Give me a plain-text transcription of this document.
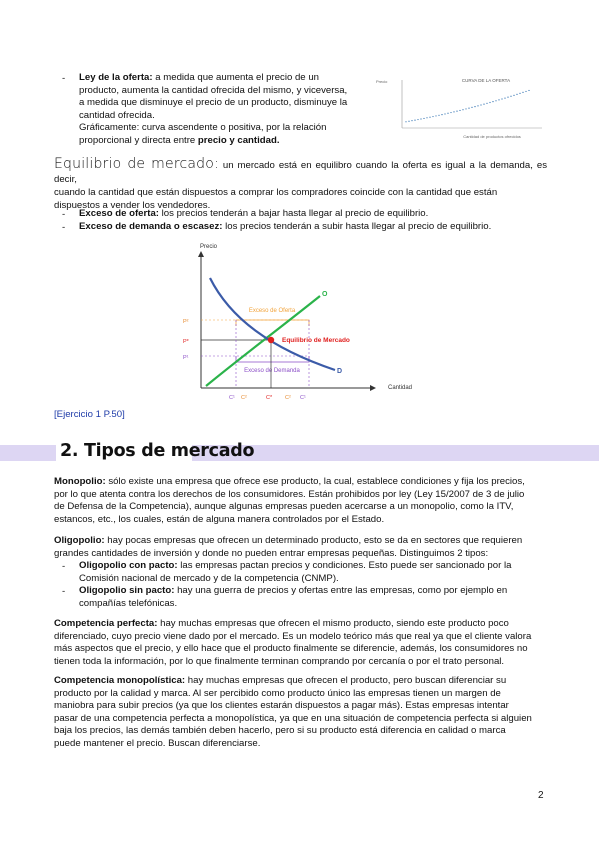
- Ley de la oferta: a medida que aumenta el precio de un
producto, aumenta la cantidad ofrecida del mismo, y viceversa,
a medida que disminuye el precio de un producto, disminuye la
cantidad ofrecida.
Gráficamente: curva ascendente o positiva, por la relación
proporcional y directa entre precio y cantidad.
CURVA DE LA OFERTA
Precio
Cantidad de productos ofrecidos
Equilibrio de mercado: un mercado está en equilibro cuando la oferta es igual a la demanda, es decir,
cuando la cantidad que están dispuestos a comprar los compradores coincide con la cantidad que están
dispuestos a vender los vendedores.
- Exceso de oferta: los precios tenderán a bajar hasta llegar al precio de equilibrio.
- Exceso de demanda o escasez: los precios tenderán a subir hasta llegar al precio de equilibrio.
Precio
Cantidad
Exceso de Oferta
Exceso de Demanda
O
D
Equilibrio de Mercado
P²
P*
P¹
C¹ C²	C* C² C¹
[Ejercicio 1 P.50]
2. Tipos de mercado
Monopolio: sólo existe una empresa que ofrece ese producto, la cual, establece condiciones y fija los precios,
por lo que atenta contra los derechos de los consumidores. Están prohibidos por ley (Ley 15/2007 de 3 de julio
de Defensa de la Competencia), aunque algunas empresas pueden acercarse a un monopolio, como la ITV,
estancos, etc., los cuales, están de alguna manera controlados por el Estado.
Oligopolio: hay pocas empresas que ofrecen un determinado producto, esto se da en sectores que requieren
grandes cantidades de inversión y donde no pueden entrar empresas pequeñas. Distinguimos 2 tipos:
- Oligopolio con pacto: las empresas pactan precios y condiciones. Esto puede ser sancionado por la
Comisión nacional de mercado y de la competencia (CNMP).
- Oligopolio sin pacto: hay una guerra de precios y ofertas entre las empresas, como por ejemplo en
compañías telefónicas.
Competencia perfecta: hay muchas empresas que ofrecen el mismo producto, siendo este producto poco
diferenciado, cuyo precio viene dado por el mercado. Es un modelo teórico más que real ya que el cliente valora
más aspectos que el precio, y ello hace que el producto finalmente se diferencie, además, los consumidores no
tienen toda la información, por lo que finalmente terminan comprando por cercanía o por el trato personal.
Competencia monopolística: hay muchas empresas que ofrecen el producto, pero buscan diferenciar su
producto por la calidad y marca. Al ser percibido como producto único las empresas tienen un margen de
maniobra para subir precios (ya que los clientes estarán dispuestos a pagar más). Estas empresas intentar
pasar de una competencia perfecta a monopolística, ya que en una situación de competencia perfecta si alguien
baja los precios, las demás también deben hacerlo, pero si su producto está diferencia en calidad o marca
puede mantener el precio. Buscan diferenciarse.
2
